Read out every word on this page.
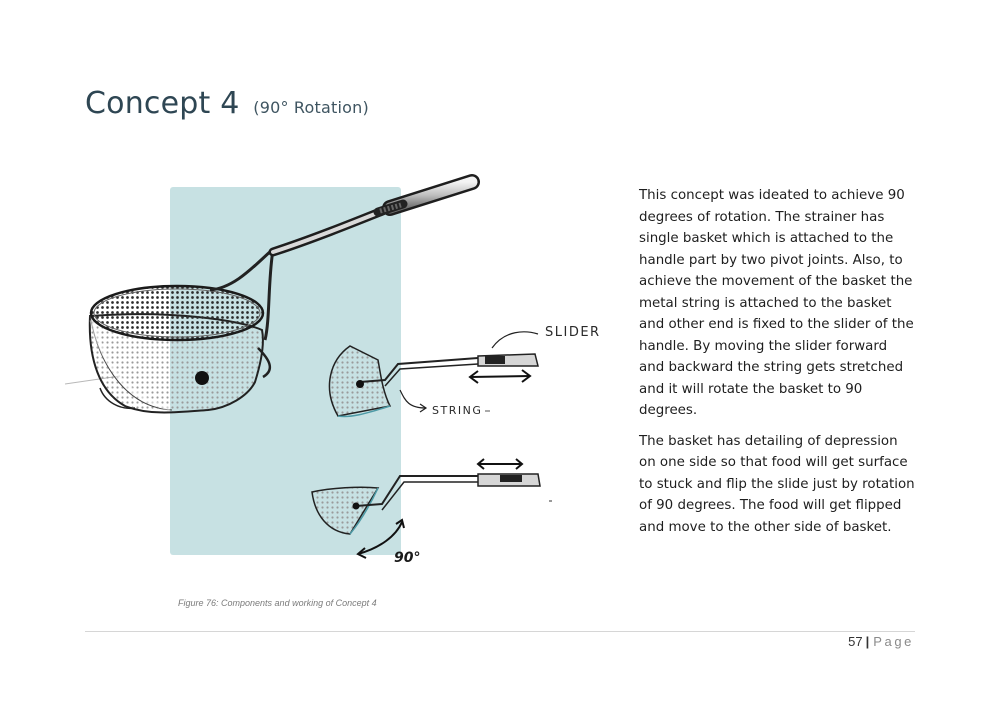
Concept 4 (90° Rotation)
SLIDER
STRING
90°
Figure 76: Components and working of Concept 4

This concept was ideated to achieve 90 degrees of rotation. The strainer has single basket which is attached to the handle part by two pivot joints. Also, to achieve the movement of the basket the metal string is attached to the basket and other end is fixed to the slider of the handle. By moving the slider forward and backward the string gets stretched and it will rotate the basket to 90 degrees.

The basket has detailing of depression on one side so that food will get surface to stuck and flip the slide just by rotation of 90 degrees. The food will get flipped and move to the other side of basket.

57 | Page
